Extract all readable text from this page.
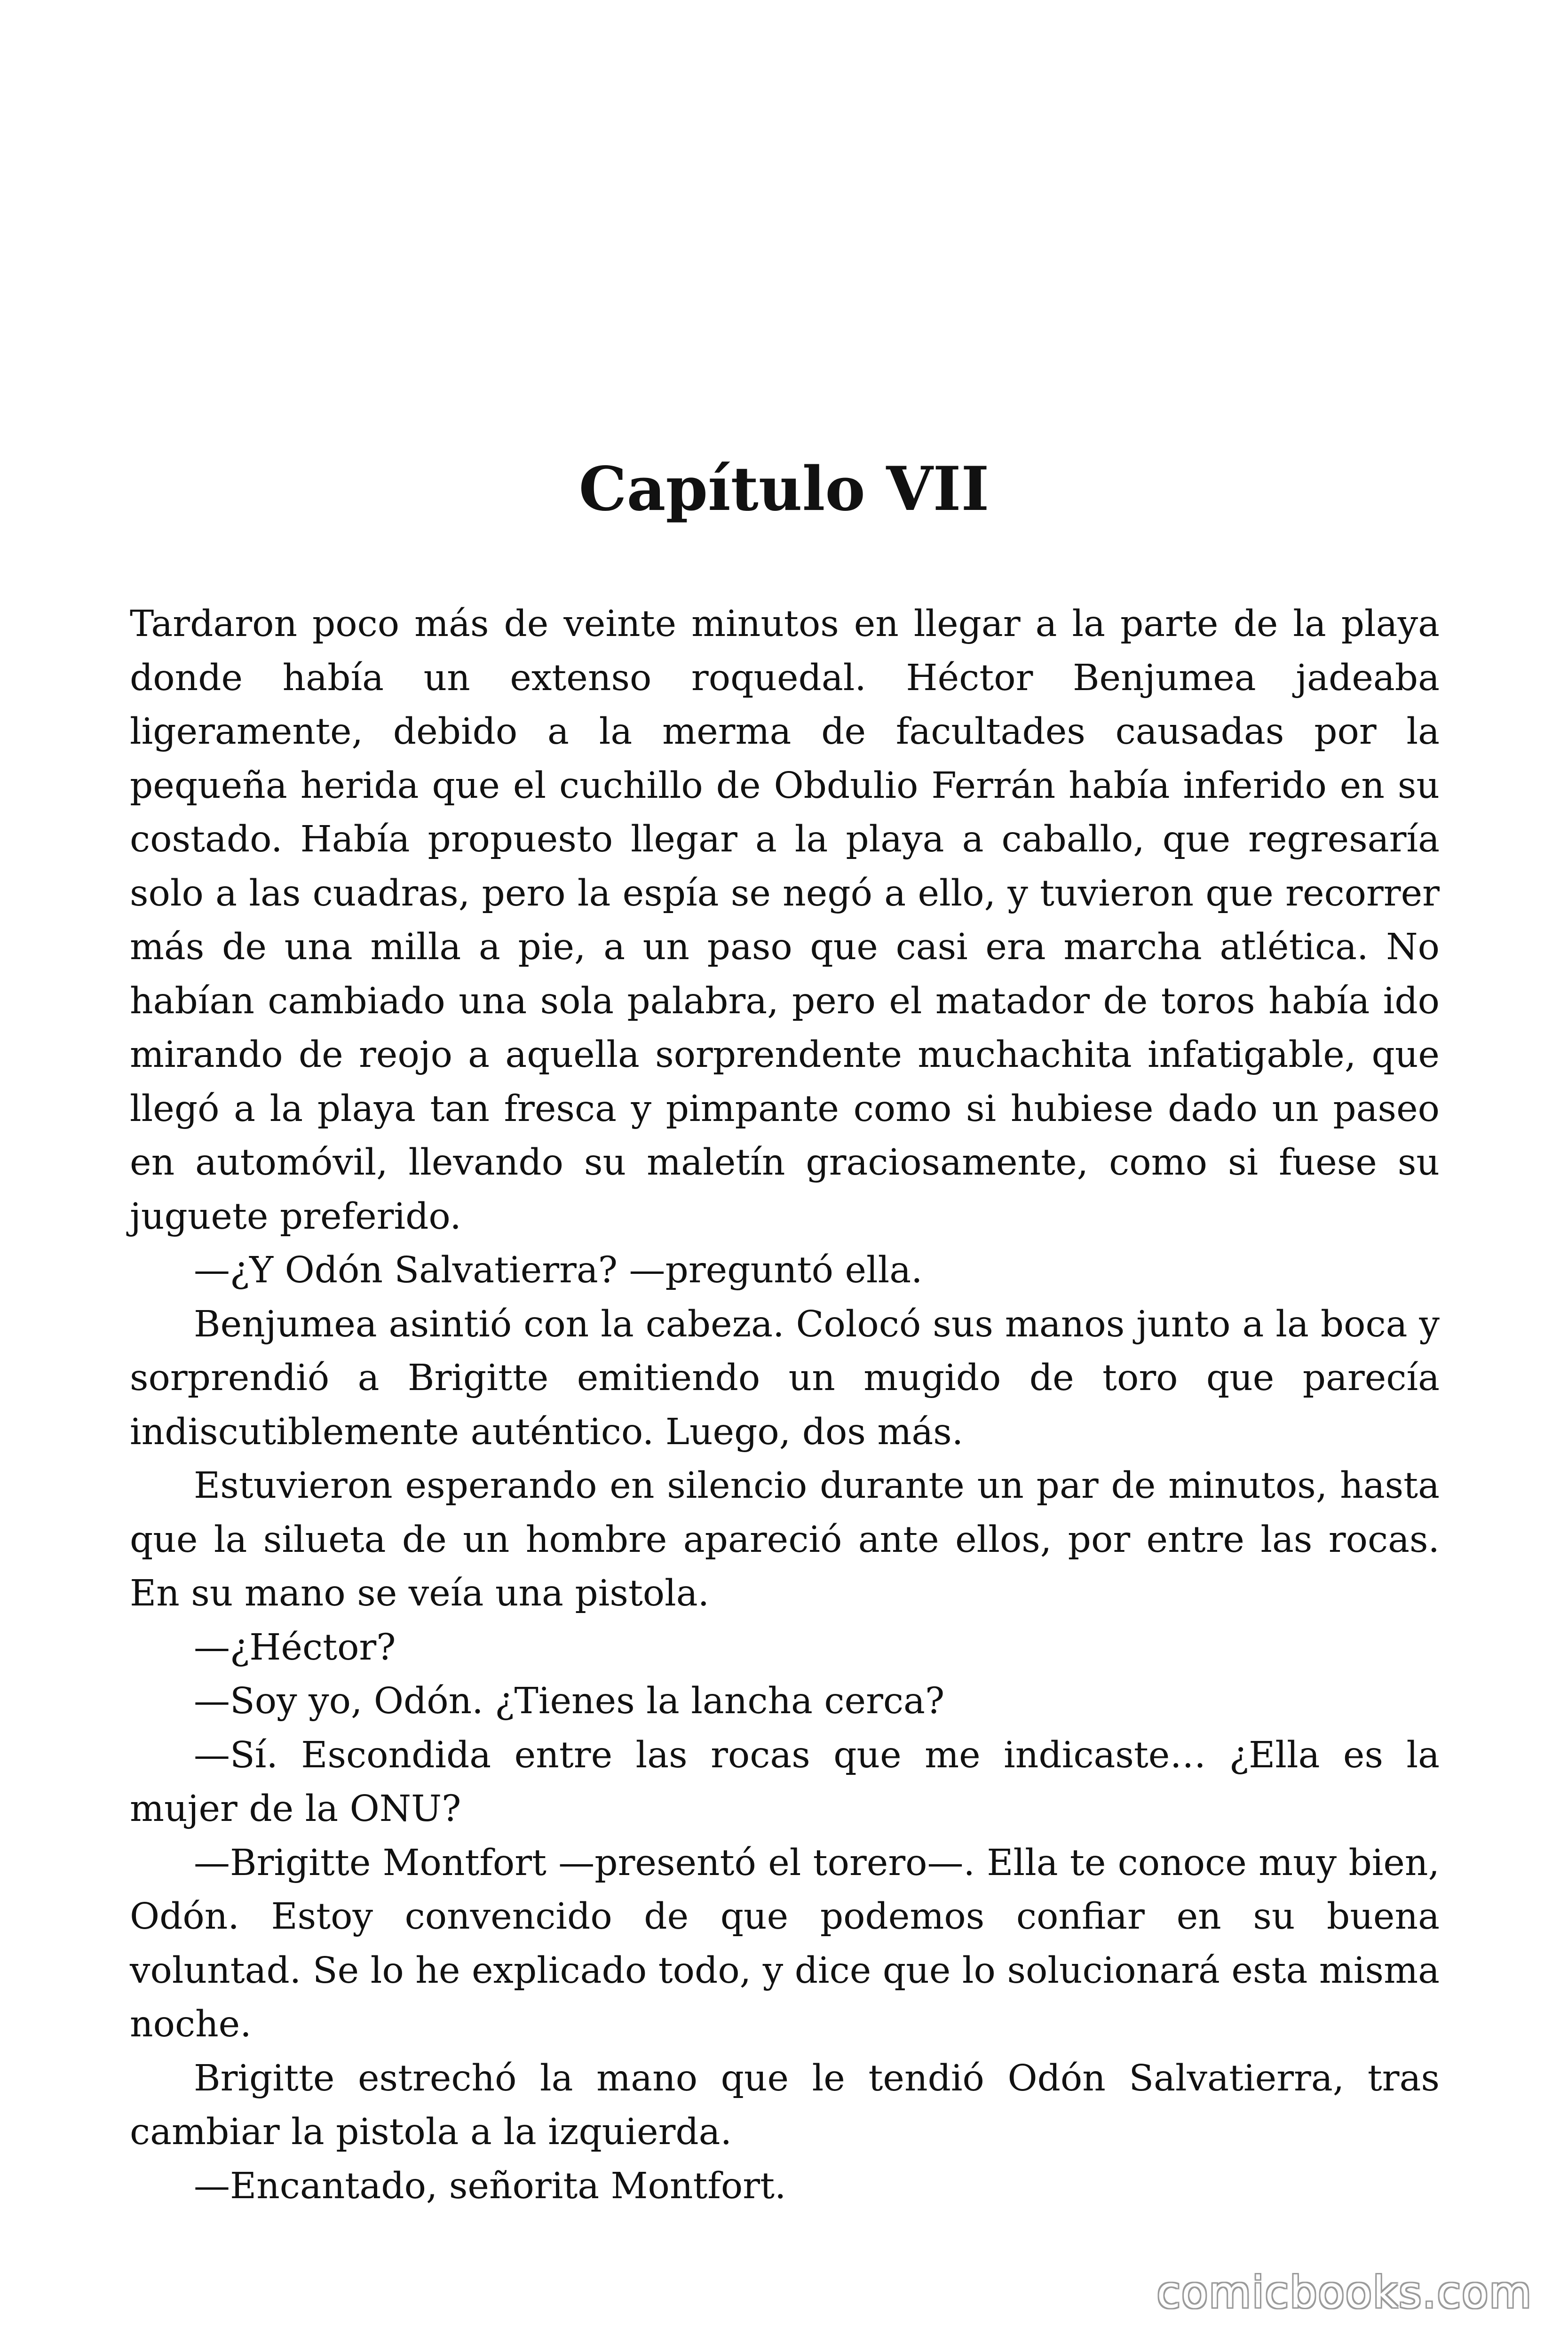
Capítulo VII

Tardaron poco más de veinte minutos en llegar a la parte de la playa donde había un extenso roquedal. Héctor Benjumea jadeaba ligeramente, debido a la merma de facultades causadas por la pequeña herida que el cuchillo de Obdulio Ferrán había inferido en su costado. Había propuesto llegar a la playa a caballo, que regresaría solo a las cuadras, pero la espía se negó a ello, y tuvieron que recorrer más de una milla a pie, a un paso que casi era marcha atlética. No habían cambiado una sola palabra, pero el matador de toros había ido mirando de reojo a aquella sorprendente muchachita infatigable, que llegó a la playa tan fresca y pimpante como si hubiese dado un paseo en automóvil, llevando su maletín graciosamente, como si fuese su juguete preferido.

—¿Y Odón Salvatierra? —preguntó ella.

Benjumea asintió con la cabeza. Colocó sus manos junto a la boca y sorprendió a Brigitte emitiendo un mugido de toro que parecía indiscutiblemente auténtico. Luego, dos más.

Estuvieron esperando en silencio durante un par de minutos, hasta que la silueta de un hombre apareció ante ellos, por entre las rocas. En su mano se veía una pistola.

—¿Héctor?

—Soy yo, Odón. ¿Tienes la lancha cerca?

—Sí. Escondida entre las rocas que me indicaste… ¿Ella es la mujer de la ONU?

—Brigitte Montfort —presentó el torero—. Ella te conoce muy bien, Odón. Estoy convencido de que podemos confiar en su buena voluntad. Se lo he explicado todo, y dice que lo solucionará esta misma noche.

Brigitte estrechó la mano que le tendió Odón Salvatierra, tras cambiar la pistola a la izquierda.

—Encantado, señorita Montfort.

comicbooks.com
